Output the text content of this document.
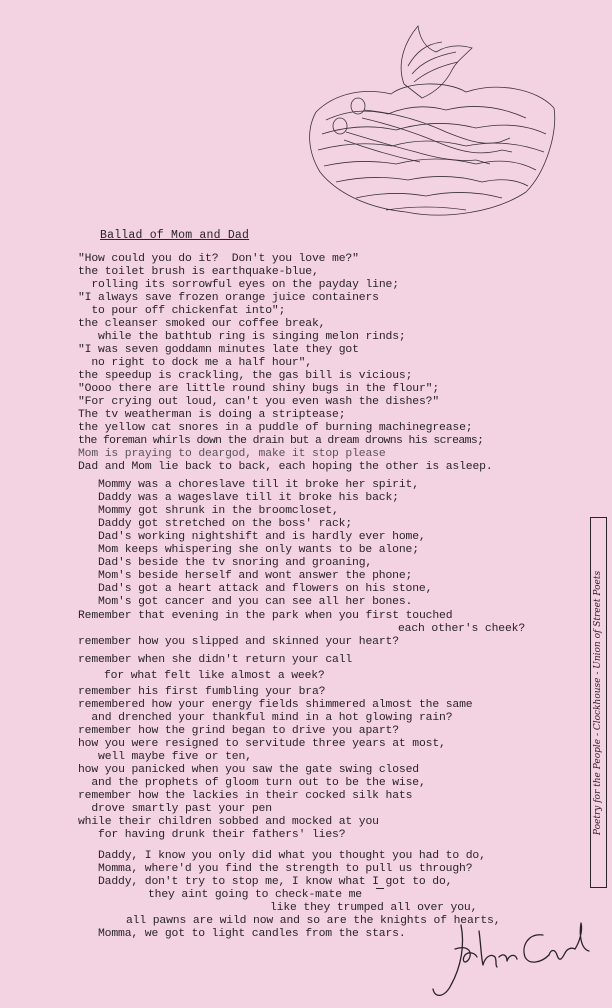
Ballad of Mom and Dad
"How could you do it?  Don't you love me?"
the toilet brush is earthquake-blue,
rolling its sorrowful eyes on the payday line;
"I always save frozen orange juice containers
to pour off chickenfat into";
the cleanser smoked our coffee break,
while the bathtub ring is singing melon rinds;
"I was seven goddamn minutes late they got
no right to dock me a half hour",
the speedup is crackling, the gas bill is vicious;
"Oooo there are little round shiny bugs in the flour";
"For crying out loud, can't you even wash the dishes?"
The tv weatherman is doing a striptease;
the yellow cat snores in a puddle of burning machinegrease;
the foreman whirls down the drain but a dream drowns his screams;
Mom is praying to deargod, make it stop please
Dad and Mom lie back to back, each hoping the other is asleep.
Mommy was a choreslave till it broke her spirit,
Daddy was a wageslave till it broke his back;
Mommy got shrunk in the broomcloset,
Daddy got stretched on the boss' rack;
Dad's working nightshift and is hardly ever home,
Mom keeps whispering she only wants to be alone;
Dad's beside the tv snoring and groaning,
Mom's beside herself and wont answer the phone;
Dad's got a heart attack and flowers on his stone,
Mom's got cancer and you can see all her bones.
Remember that evening in the park when you first touched
each other's cheek?
remember how you slipped and skinned your heart?
remember when she didn't return your call
for what felt like almost a week?
remember his first fumbling your bra?
remembered how your energy fields shimmered almost the same
and drenched your thankful mind in a hot glowing rain?
remember how the grind began to drive you apart?
how you were resigned to servitude three years at most,
well maybe five or ten,
how you panicked when you saw the gate swing closed
and the prophets of gloom turn out to be the wise,
remember how the lackies in their cocked silk hats
drove smartly past your pen
while their children sobbed and mocked at you
for having drunk their fathers' lies?
Daddy, I know you only did what you thought you had to do,
Momma, where'd you find the strength to pull us through?
Daddy, don't try to stop me, I know what I got to do,
they aint going to check-mate me
like they trumped all over you,
all pawns are wild now and so are the knights of hearts,
Momma, we got to light candles from the stars.
Poetry for the People - Clockhouse - Union of Street Poets
